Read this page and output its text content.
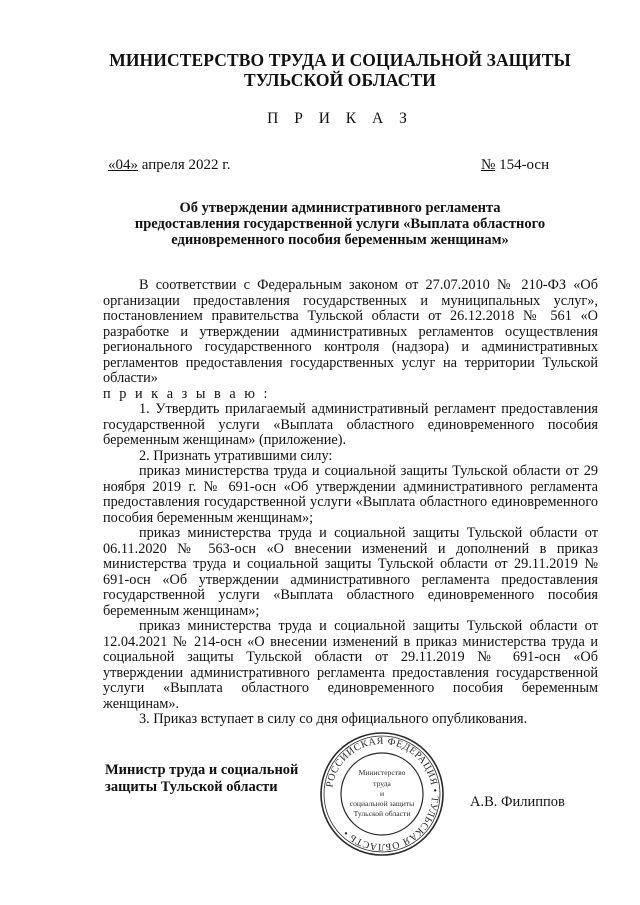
МИНИСТЕРСТВО ТРУДА И СОЦИАЛЬНОЙ ЗАЩИТЫ
ТУЛЬСКОЙ ОБЛАСТИ
П Р И К А З
«04» апреля 2022 г.	№ 154-осн
Об утверждении административного регламента
предоставления государственной услуги «Выплата областного
единовременного пособия беременным женщинам»

В соответствии с Федеральным законом от 27.07.2010 № 210-ФЗ «Об организации предоставления государственных и муниципальных услуг», постановлением правительства Тульской области от 26.12.2018 № 561 «О разработке и утверждении административных регламентов осуществления регионального государственного контроля (надзора) и административных регламентов предоставления государственных услуг на территории Тульской области»

п р и к а з ы в а ю :

1. Утвердить прилагаемый административный регламент предоставления государственной услуги «Выплата областного единовременного пособия беременным женщинам» (приложение).

2. Признать утратившими силу:

приказ министерства труда и социальной защиты Тульской области от 29 ноября 2019 г. № 691-осн «Об утверждении административного регламента предоставления государственной услуги «Выплата областного единовременного пособия беременным женщинам»;

приказ министерства труда и социальной защиты Тульской области от 06.11.2020 № 563-осн «О внесении изменений и дополнений в приказ министерства труда и социальной защиты Тульской области от 29.11.2019 № 691-осн «Об утверждении административного регламента предоставления государственной услуги «Выплата областного единовременного пособия беременным женщинам»;

приказ министерства труда и социальной защиты Тульской области от 12.04.2021 № 214-осн «О внесении изменений в приказ министерства труда и социальной защиты Тульской области от 29.11.2019 № 691-осн «Об утверждении административного регламента предоставления государственной услуги «Выплата областного единовременного пособия беременным женщинам».

3. Приказ вступает в силу со дня официального опубликования.

Министр труда и социальной
защиты Тульской области	РОССИЙСКАЯ ФЕДЕРАЦИЯ • ТУЛЬСКАЯ ОБЛАСТЬ •
Министерство
труда
и
социальной защиты
Тульской области
А.В. Филиппов
